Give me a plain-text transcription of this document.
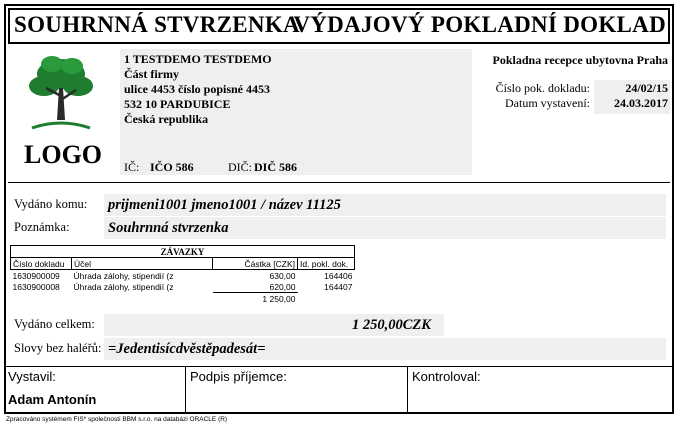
SOUHRNNÁ STVRZENKA
VÝDAJOVÝ POKLADNÍ DOKLAD
LOGO
1 TESTDEMO TESTDEMO
Část firmy
ulice 4453 číslo popisné 4453
532 10 PARDUBICE
Česká republika
IČ: IČO 586	DIČ: DIČ 586
Pokladna recepce ubytovna Praha
Číslo pok. dokladu:	24/02/15
Datum vystavení: 24.03.2017
Vydáno komu: prijmeni1001 jmeno1001 / název 11125
Poznámka:	Souhrnná stvrzenka
ZÁVAZKY			
Číslo dokladu	Účel	Částka [CZK]	Id. pokl. dok.
1630900009	Úhrada zálohy, stipendií (z	630,00	164406
1630900008	Úhrada zálohy, stipendií (z	620,00	164407
		1 250,00	
Vydáno celkem:	1 250,00CZK
Slovy bez haléřů: =Jedentisícdvěstěpadesát=
Vystavil:
Adam Antonín
Podpis příjemce:	Kontroloval:
Zpracováno systémem FIS* společnosti BBM s.r.o. na databázi ORACLE (R)
